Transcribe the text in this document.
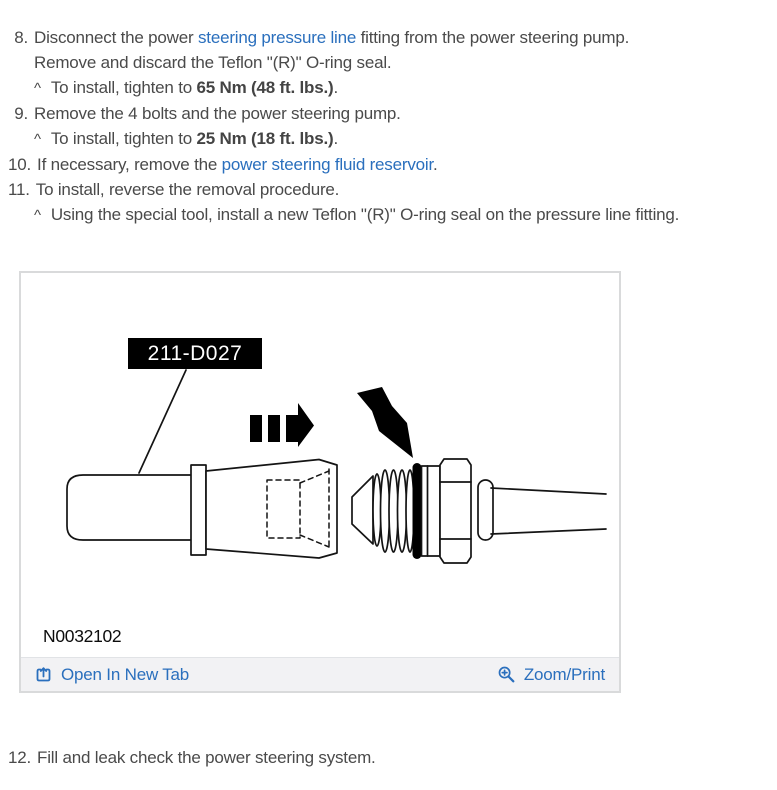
8. Disconnect the power steering pressure line fitting from the power steering pump.

Remove and discard the Teflon "(R)" O-ring seal.

^ To install, tighten to 65 Nm (48 ft. lbs.).
9. Remove the 4 bolts and the power steering pump.

^ To install, tighten to 25 Nm (18 ft. lbs.).
10. If necessary, remove the power steering fluid reservoir.
11. To install, reverse the removal procedure.

^ Using the special tool, install a new Teflon "(R)" O-ring seal on the pressure line fitting.
211-D027
N0032102
Open In New Tab	Zoom/Print
12. Fill and leak check the power steering system.
